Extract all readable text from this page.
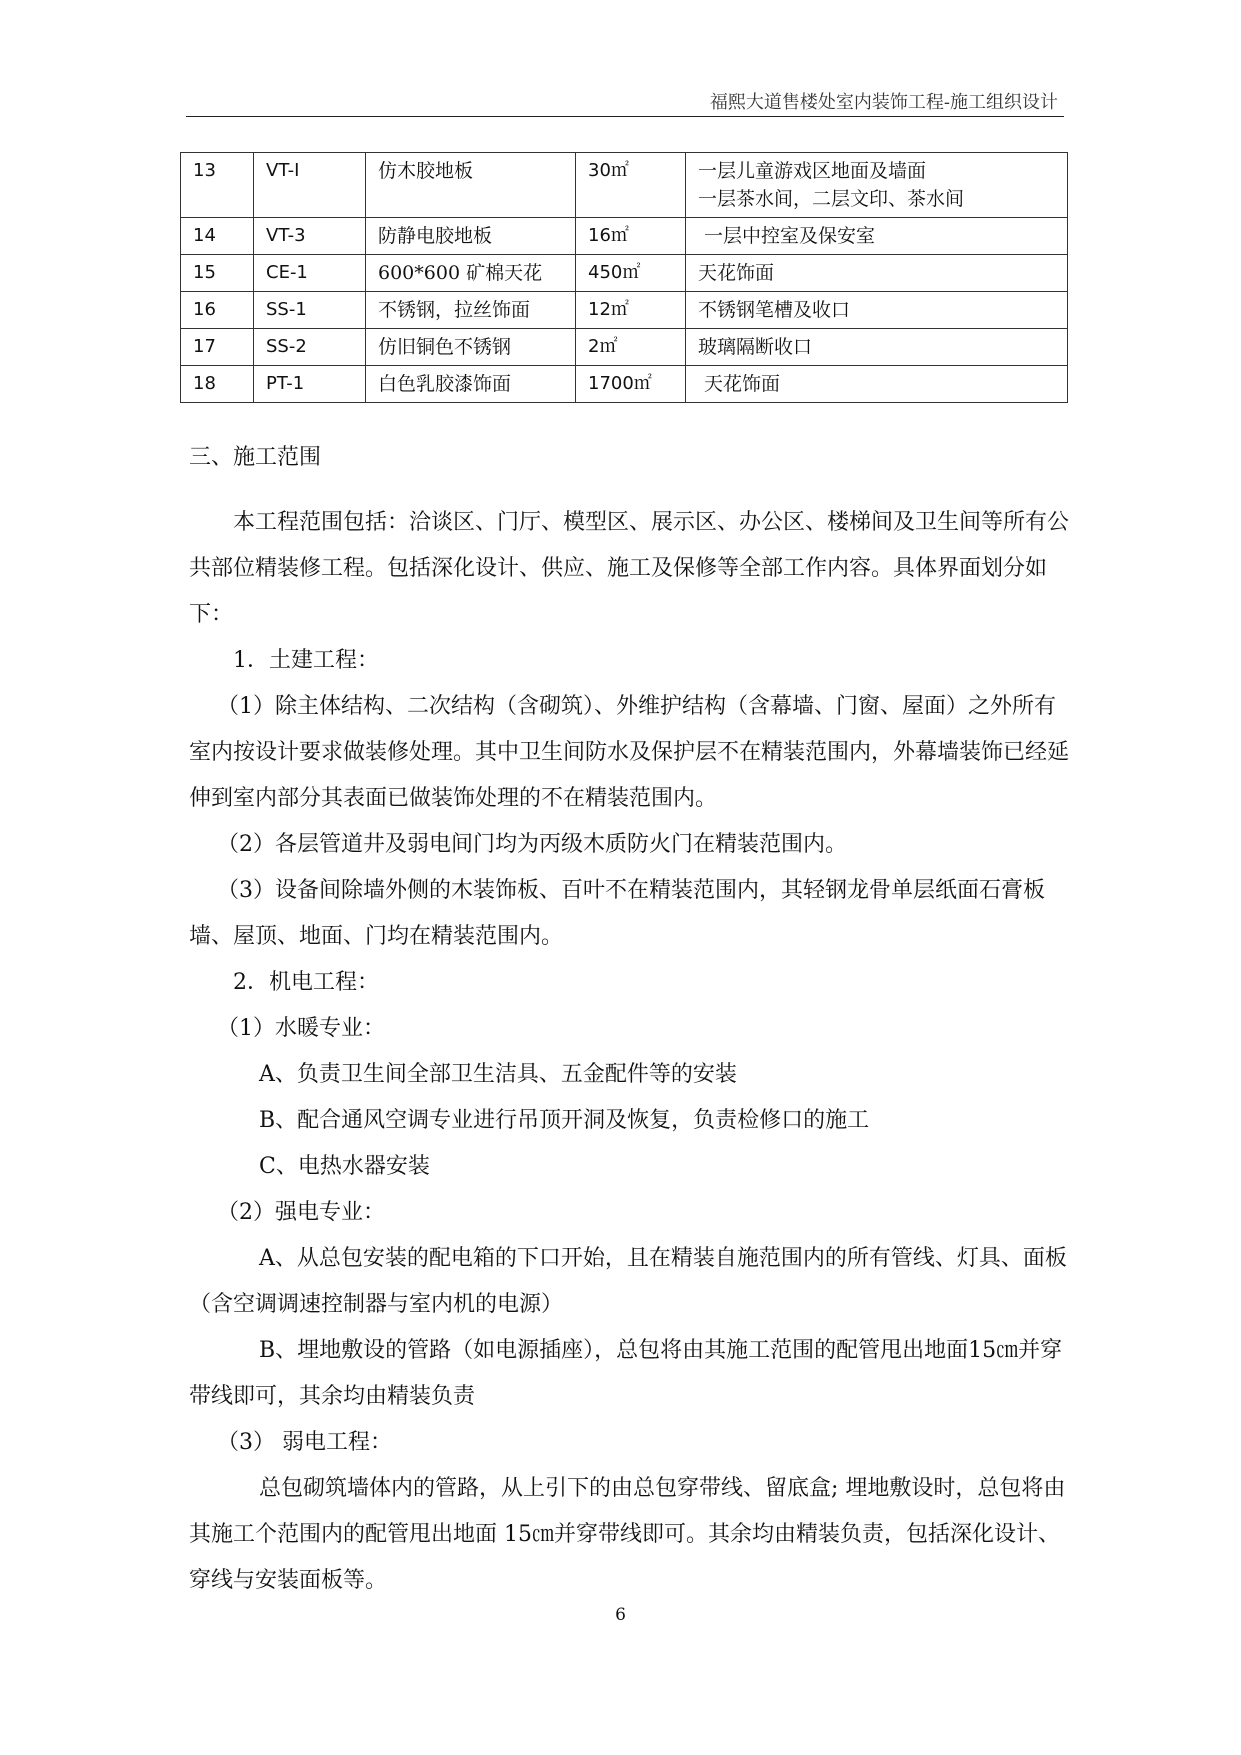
福熙大道售楼处室内装饰工程-施工组织设计
13	VT-I	仿木胶地板	30㎡	一层儿童游戏区地面及墙面
一层茶水间，二层文印、茶水间

14	VT-3	防静电胶地板	16㎡	一层中控室及保安室
15	CE-1	600*600 矿棉天花	450㎡	天花饰面
16	SS-1	不锈钢，拉丝饰面	12㎡	不锈钢笔槽及收口
17	SS-2	仿旧铜色不锈钢	2㎡	玻璃隔断收口
18	PT-1	白色乳胶漆饰面	1700㎡	天花饰面
三、施工范围

本工程范围包括：洽谈区、门厅、模型区、展示区、办公区、楼梯间及卫生间等所有公共部位精装修工程。包括深化设计、供应、施工及保修等全部工作内容。具体界面划分如下：

1．土建工程：

（1）除主体结构、二次结构（含砌筑）、外维护结构（含幕墙、门窗、屋面）之外所有室内按设计要求做装修处理。其中卫生间防水及保护层不在精装范围内，外幕墙装饰已经延伸到室内部分其表面已做装饰处理的不在精装范围内。

（2）各层管道井及弱电间门均为丙级木质防火门在精装范围内。

（3）设备间除墙外侧的木装饰板、百叶不在精装范围内，其轻钢龙骨单层纸面石膏板墙、屋顶、地面、门均在精装范围内。

2．机电工程：

（1）水暖专业：

A、负责卫生间全部卫生洁具、五金配件等的安装

B、配合通风空调专业进行吊顶开洞及恢复，负责检修口的施工

C、电热水器安装

（2）强电专业：

A、从总包安装的配电箱的下口开始，且在精装自施范围内的所有管线、灯具、面板（含空调调速控制器与室内机的电源）

B、埋地敷设的管路（如电源插座），总包将由其施工范围的配管甩出地面15㎝并穿带线即可，其余均由精装负责

（3） 弱电工程：

总包砌筑墙体内的管路，从上引下的由总包穿带线、留底盒; 埋地敷设时，总包将由其施工个范围内的配管甩出地面 15㎝并穿带线即可。其余均由精装负责，包括深化设计、穿线与安装面板等。

6
